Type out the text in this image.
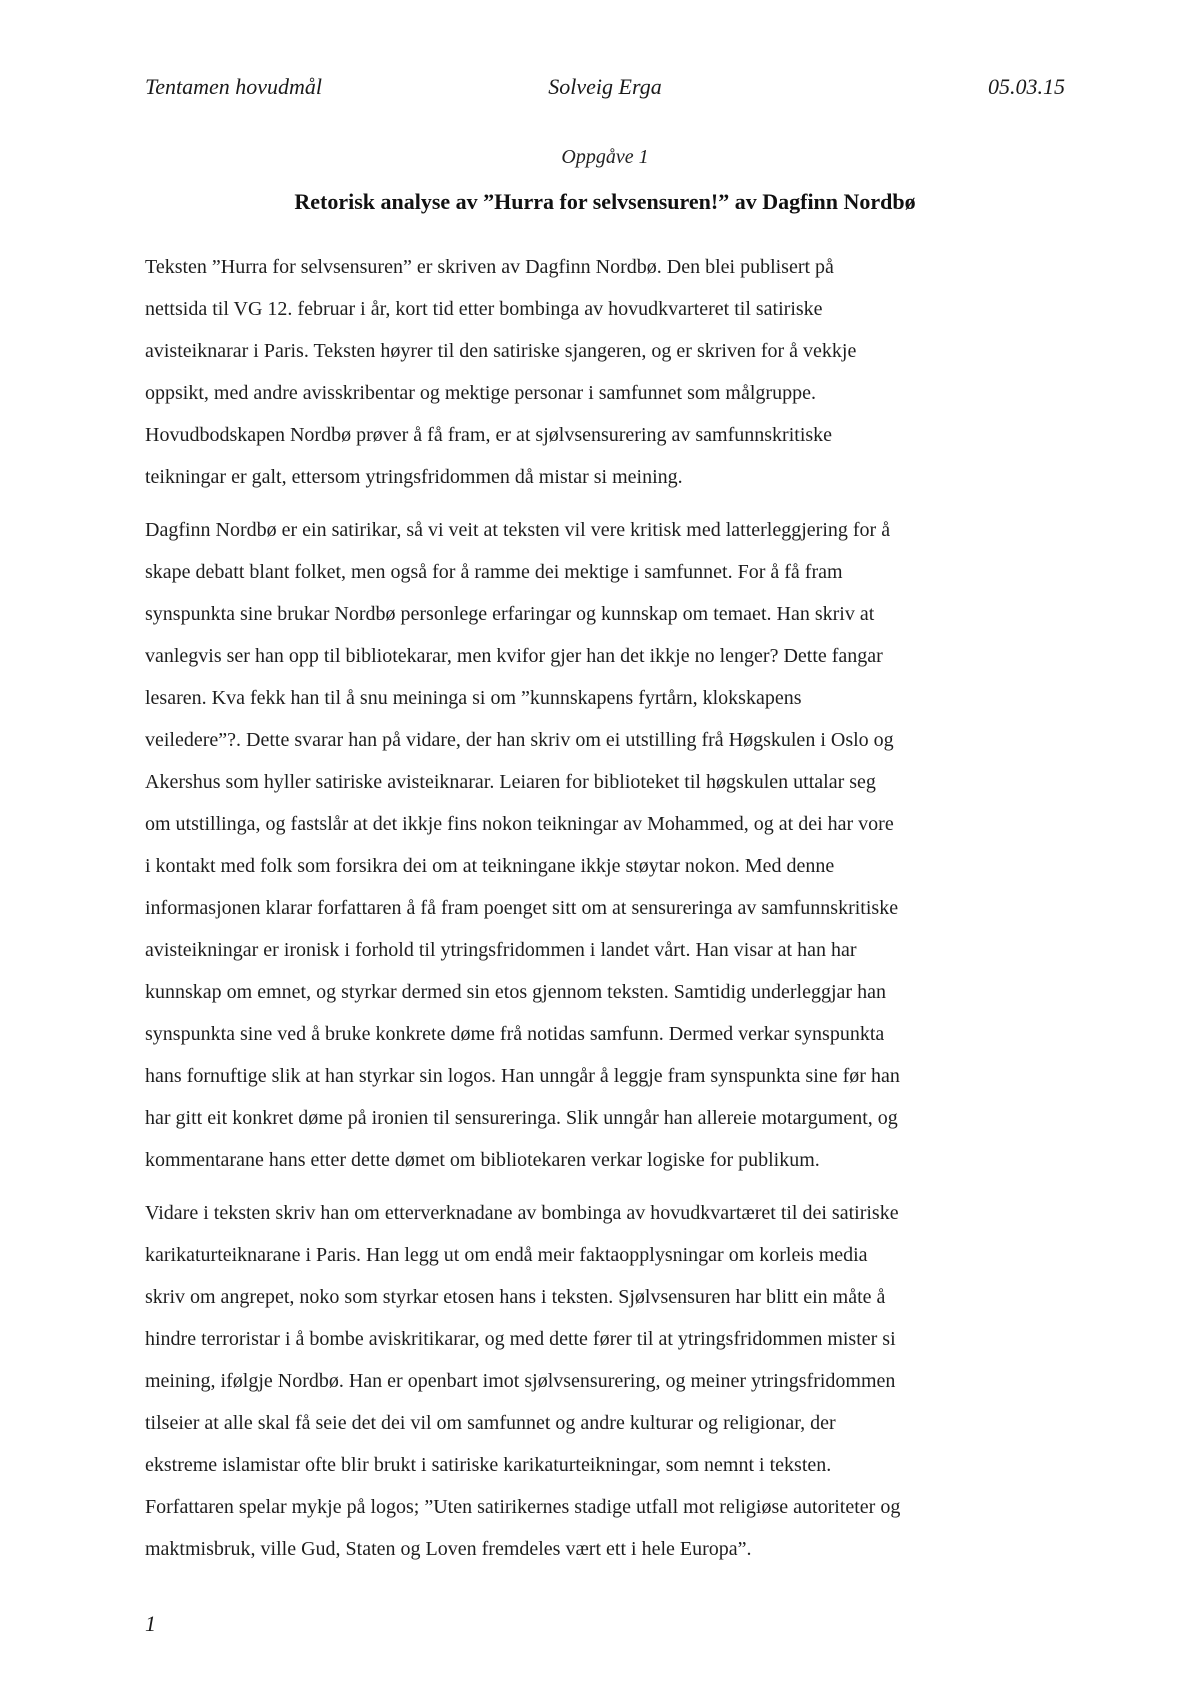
Tentamen hovudmål	Solveig Erga	05.03.15
Oppgåve 1
Retorisk analyse av ”Hurra for selvsensuren!” av Dagfinn Nordbø

Teksten ”Hurra for selvsensuren” er skriven av Dagfinn Nordbø. Den blei publisert på
nettsida til VG 12. februar i år, kort tid etter bombinga av hovudkvarteret til satiriske
avisteiknarar i Paris. Teksten høyrer til den satiriske sjangeren, og er skriven for å vekkje
oppsikt, med andre avisskribentar og mektige personar i samfunnet som målgruppe.
Hovudbodskapen Nordbø prøver å få fram, er at sjølvsensurering av samfunnskritiske
teikningar er galt, ettersom ytringsfridommen då mistar si meining.

Dagfinn Nordbø er ein satirikar, så vi veit at teksten vil vere kritisk med latterleggjering for å
skape debatt blant folket, men også for å ramme dei mektige i samfunnet. For å få fram
synspunkta sine brukar Nordbø personlege erfaringar og kunnskap om temaet. Han skriv at
vanlegvis ser han opp til bibliotekarar, men kvifor gjer han det ikkje no lenger? Dette fangar
lesaren. Kva fekk han til å snu meininga si om ”kunnskapens fyrtårn, klokskapens
veiledere”?. Dette svarar han på vidare, der han skriv om ei utstilling frå Høgskulen i Oslo og
Akershus som hyller satiriske avisteiknarar. Leiaren for biblioteket til høgskulen uttalar seg
om utstillinga, og fastslår at det ikkje fins nokon teikningar av Mohammed, og at dei har vore
i kontakt med folk som forsikra dei om at teikningane ikkje støytar nokon. Med denne
informasjonen klarar forfattaren å få fram poenget sitt om at sensureringa av samfunnskritiske
avisteikningar er ironisk i forhold til ytringsfridommen i landet vårt. Han visar at han har
kunnskap om emnet, og styrkar dermed sin etos gjennom teksten. Samtidig underleggjar han
synspunkta sine ved å bruke konkrete døme frå notidas samfunn. Dermed verkar synspunkta
hans fornuftige slik at han styrkar sin logos. Han unngår å leggje fram synspunkta sine før han
har gitt eit konkret døme på ironien til sensureringa. Slik unngår han allereie motargument, og
kommentarane hans etter dette dømet om bibliotekaren verkar logiske for publikum.

Vidare i teksten skriv han om etterverknadane av bombinga av hovudkvartæret til dei satiriske
karikaturteiknarane i Paris. Han legg ut om endå meir faktaopplysningar om korleis media
skriv om angrepet, noko som styrkar etosen hans i teksten. Sjølvsensuren har blitt ein måte å
hindre terroristar i å bombe aviskritikarar, og med dette fører til at ytringsfridommen mister si
meining, ifølgje Nordbø. Han er openbart imot sjølvsensurering, og meiner ytringsfridommen
tilseier at alle skal få seie det dei vil om samfunnet og andre kulturar og religionar, der
ekstreme islamistar ofte blir brukt i satiriske karikaturteikningar, som nemnt i teksten.
Forfattaren spelar mykje på logos; ”Uten satirikernes stadige utfall mot religiøse autoriteter og
maktmisbruk, ville Gud, Staten og Loven fremdeles vært ett i hele Europa”.

1
